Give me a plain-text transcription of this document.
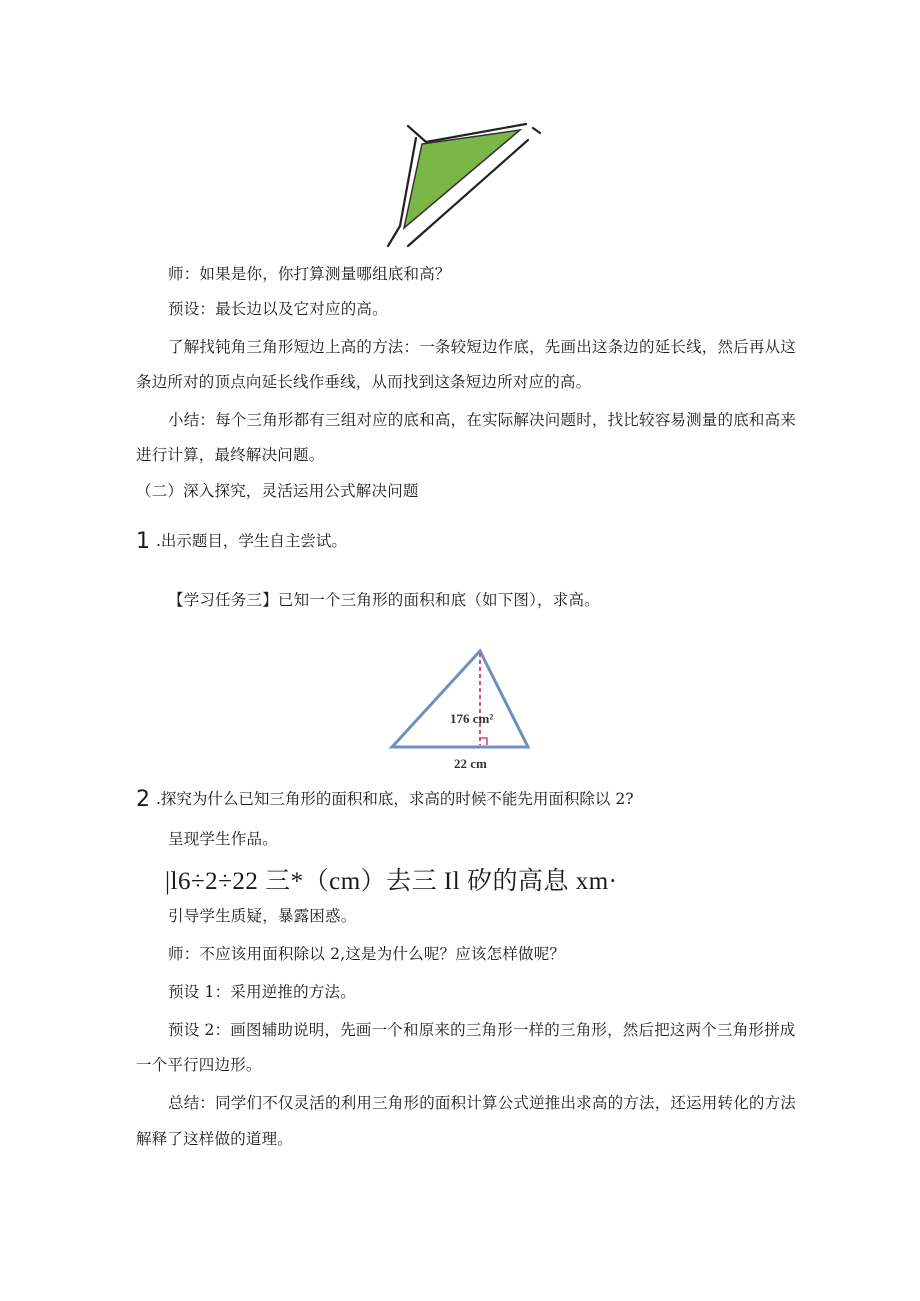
师：如果是你，你打算测量哪组底和高？
预设：最长边以及它对应的高。
了解找钝角三角形短边上高的方法：一条较短边作底，先画出这条边的延长线，然后再从这
条边所对的顶点向延长线作垂线，从而找到这条短边所对应的高。
小结：每个三角形都有三组对应的底和高，在实际解决问题时，找比较容易测量的底和高来
进行计算，最终解决问题。
（二）深入探究，灵活运用公式解决问题
1 .出示题目，学生自主尝试。
【学习任务三】已知一个三角形的面积和底（如下图），求高。
176 cm²
22 cm
2 .探究为什么已知三角形的面积和底，求高的时候不能先用面积除以 2?
呈现学生作品。
|l6÷2÷22 三*（cm）去三 Il 矽的高息 xm·
引导学生质疑，暴露困惑。
师：不应该用面积除以 2,这是为什么呢？应该怎样做呢？
预设 1：采用逆推的方法。
预设 2：画图辅助说明，先画一个和原来的三角形一样的三角形，然后把这两个三角形拼成
一个平行四边形。
总结：同学们不仅灵活的利用三角形的面积计算公式逆推出求高的方法，还运用转化的方法
解释了这样做的道理。
